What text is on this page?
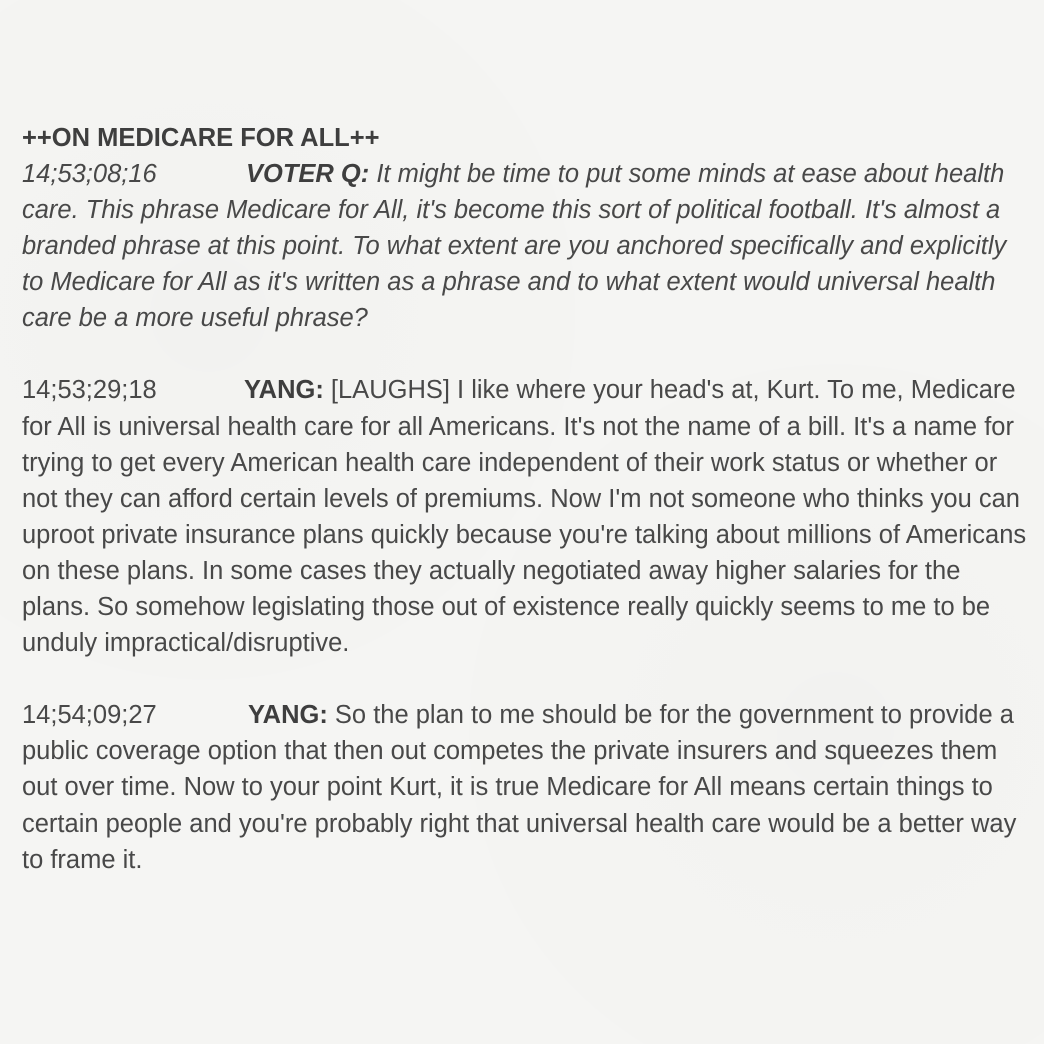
++ON MEDICARE FOR ALL++

14;53;08;16	VOTER Q: It might be time to put some minds at ease about health care. This phrase Medicare for All, it's become this sort of political football. It's almost a branded phrase at this point. To what extent are you anchored specifically and explicitly to Medicare for All as it's written as a phrase and to what extent would universal health care be a more useful phrase?

14;53;29;18	YANG: [LAUGHS] I like where your head's at, Kurt. To me, Medicare for All is universal health care for all Americans. It's not the name of a bill. It's a name for trying to get every American health care independent of their work status or whether or not they can afford certain levels of premiums. Now I'm not someone who thinks you can uproot private insurance plans quickly because you're talking about millions of Americans on these plans. In some cases they actually negotiated away higher salaries for the plans. So somehow legislating those out of existence really quickly seems to me to be unduly impractical/disruptive.

14;54;09;27	YANG: So the plan to me should be for the government to provide a public coverage option that then out competes the private insurers and squeezes them out over time. Now to your point Kurt, it is true Medicare for All means certain things to certain people and you're probably right that universal health care would be a better way to frame it.
